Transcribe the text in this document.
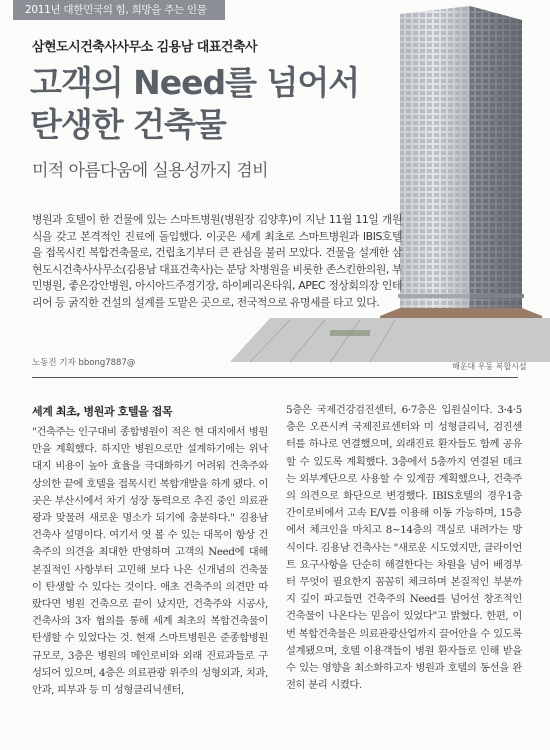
2011년 대한민국의 힘, 희망을 주는 인물
삼현도시건축사사무소 김용남 대표건축사
고객의 Need를 넘어서
탄생한 건축물
미적 아름다움에 실용성까지 겸비

병원과 호텔이 한 건물에 있는 스마트병원(병원장 김양후)이 지난 11월 11일 개원식을 갖고 본격적인 진료에 돌입했다. 이곳은 세계 최초로 스마트병원과 IBIS호텔을 접목시킨 복합건축물로, 건립초기부터 큰 관심을 불러 모았다. 건물을 설계한 삼현도시건축사사무소(김용남 대표건축사)는 분당 차병원을 비롯한 존스킨한의원, 부민병원, 좋은강안병원, 아시아드주경기장, 하이페리온타워, APEC 정상회의장 인테리어 등 굵직한 건설의 설계를 도맡은 곳으로, 전국적으로 유명세를 타고 있다.

해운대 우동 복합시설
노동진 기자 bbong7887@
세계 최초, 병원과 호텔을 접목

"건축주는 인구대비 종합병원이 적은 현 대지에서 병원만을 계획했다. 하지만 병원으로만 설계하기에는 위낙 대지 비용이 높아 효율을 극대화하기 어려워 건축주와 상의한 끝에 호텔을 접목시킨 복합개발을 하게 됐다. 이곳은 부산시에서 차기 성장 동력으로 추진 중인 의료관광과 맞물려 새로운 명소가 되기에 충분하다." 김용남 건축사 설명이다. 여기서 엿 볼 수 있는 대목이 항상 건축주의 의견을 최대한 반영하며 고객의 Need에 대해 본질적인 사항부터 고민해 보다 나은 신개념의 건축물이 탄생할 수 있다는 것이다. 애초 건축주의 의견만 따랐다면 병원 건축으로 끝이 났지만, 건축주와 시공사, 건축사의 3자 협의를 통해 세계 최초의 복합건축물이 탄생할 수 있었다는 것. 현재 스마트병원은 준종합병원 규모로, 3층은 병원의 메인로비와 외래 진료과들로 구성되어 있으며, 4층은 의료관광 위주의 성형외과, 치과, 안과, 피부과 등 미 성형클리닉센터,

5층은 국제건강검진센터, 6·7층은 입원실이다. 3·4·5층은 오픈시켜 국제진료센터와 미 성형클리닉, 검진센터를 하나로 연결했으며, 외래진료 환자들도 함께 공유할 수 있도록 계획했다. 3층에서 5층까지 연결된 데크는 외부계단으로 사용할 수 있게끔 계획했으나, 건축주의 의견으로 화단으로 변경했다. IBIS호텔의 경우1층 간이로비에서 고속 E/V를 이용해 이동 가능하며, 15층에서 체크인을 마치고 8~14층의 객실로 내려가는 방식이다. 김용남 건축사는 "새로운 시도였지만, 클라이언트 요구사항을 단순히 해결한다는 차원을 넘어 배경부터 무엇이 필요한지 꼼꼼히 체크하며 본질적인 부분까지 깊이 파고들면 건축주의 Need를 넘어선 창조적인 건축물이 나온다는 믿음이 있었다"고 밝혔다. 한편, 이번 복합건축물은 의료관광산업까지 끌어안을 수 있도록 설계됐으며, 호텔 이용객들이 병원 환자들로 인해 받을 수 있는 영향을 최소화하고자 병원과 호텔의 동선을 완전히 분리 시켰다.
